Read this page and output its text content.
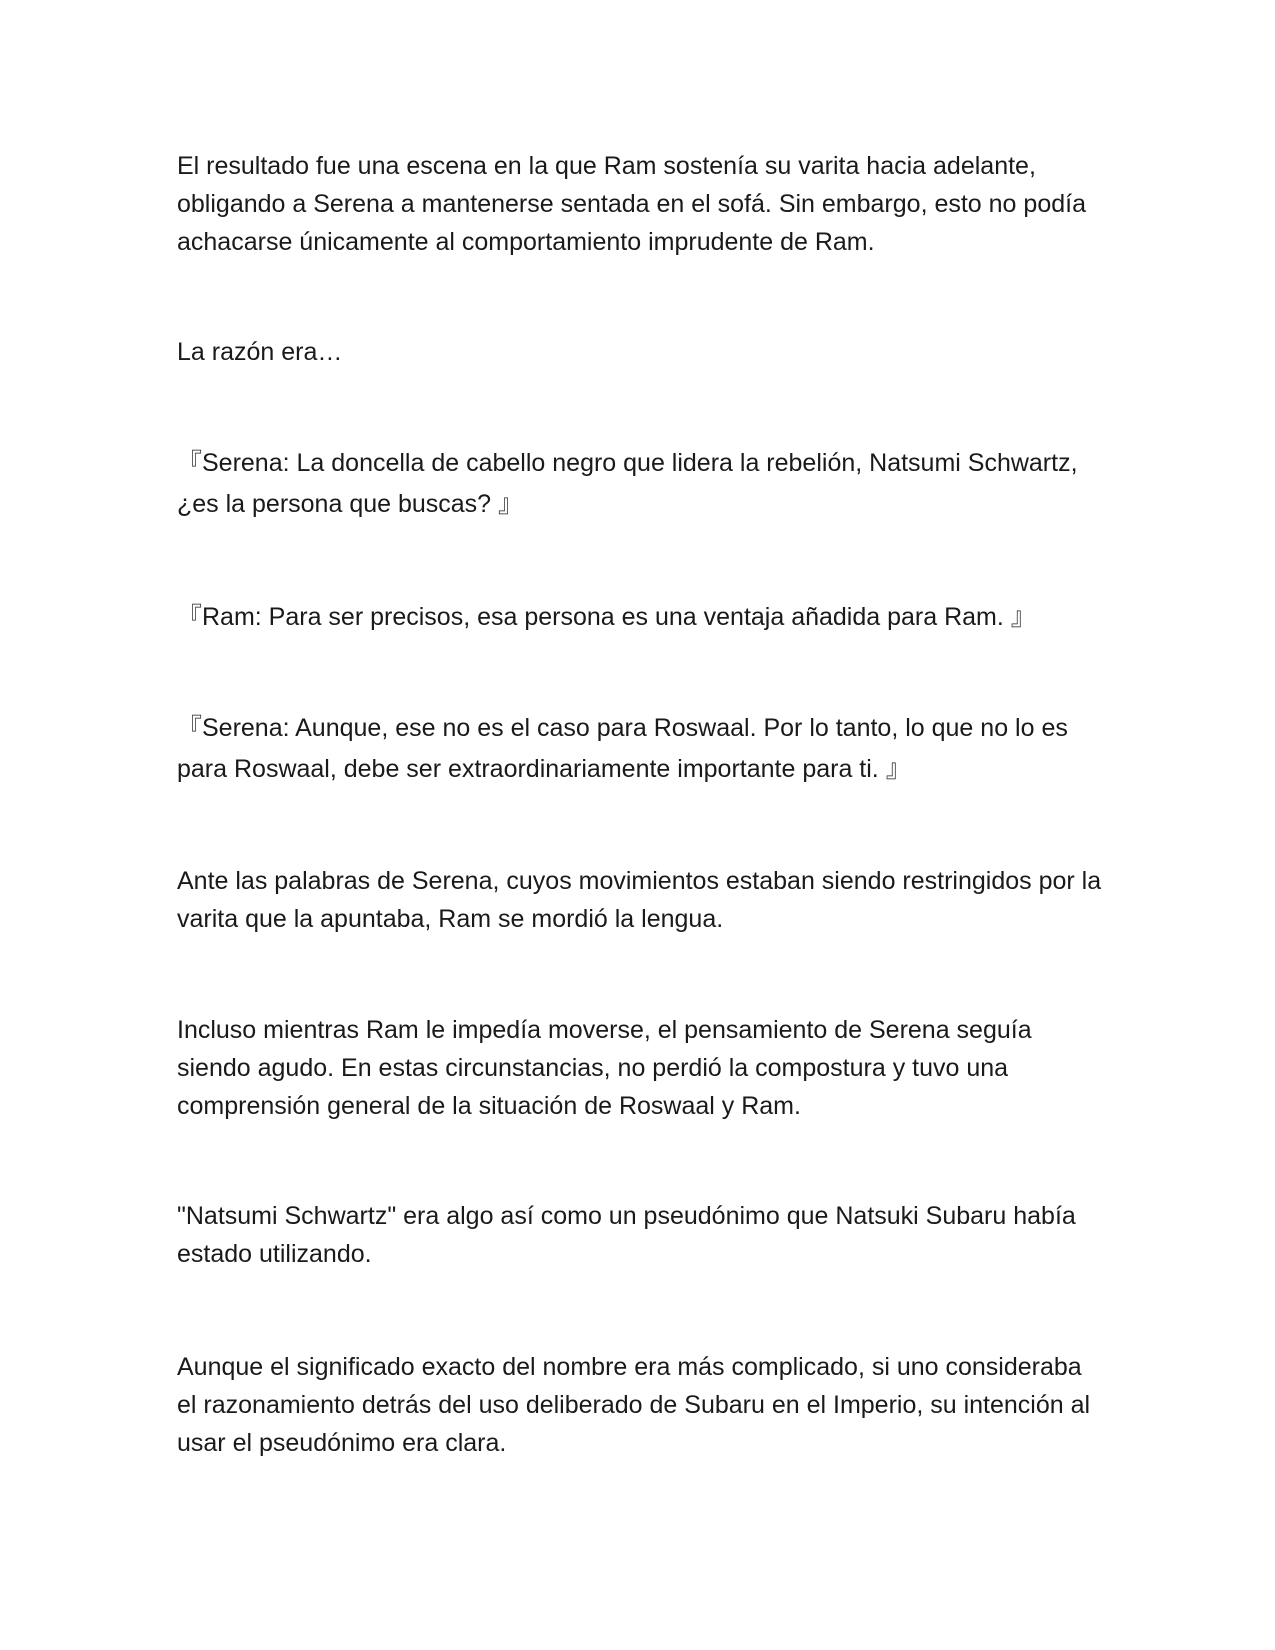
El resultado fue una escena en la que Ram sostenía su varita hacia adelante, obligando a Serena a mantenerse sentada en el sofá. Sin embargo, esto no podía achacarse únicamente al comportamiento imprudente de Ram.

La razón era…

『Serena: La doncella de cabello negro que lidera la rebelión, Natsumi Schwartz, ¿es la persona que buscas? 』

『Ram: Para ser precisos, esa persona es una ventaja añadida para Ram. 』

『Serena: Aunque, ese no es el caso para Roswaal. Por lo tanto, lo que no lo es para Roswaal, debe ser extraordinariamente importante para ti. 』

Ante las palabras de Serena, cuyos movimientos estaban siendo restringidos por la varita que la apuntaba, Ram se mordió la lengua.

Incluso mientras Ram le impedía moverse, el pensamiento de Serena seguía siendo agudo. En estas circunstancias, no perdió la compostura y tuvo una comprensión general de la situación de Roswaal y Ram.

"Natsumi Schwartz" era algo así como un pseudónimo que Natsuki Subaru había estado utilizando.

Aunque el significado exacto del nombre era más complicado, si uno consideraba el razonamiento detrás del uso deliberado de Subaru en el Imperio, su intención al usar el pseudónimo era clara.
